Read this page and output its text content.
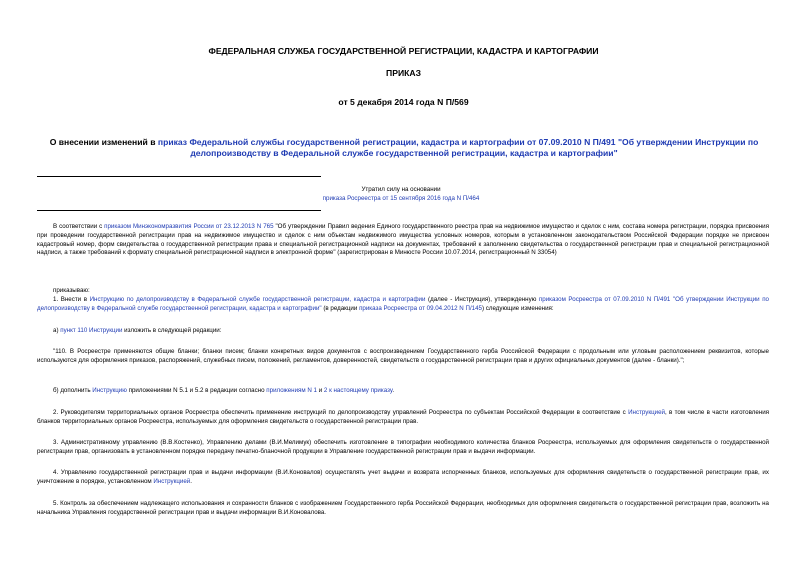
ФЕДЕРАЛЬНАЯ СЛУЖБА ГОСУДАРСТВЕННОЙ РЕГИСТРАЦИИ, КАДАСТРА И КАРТОГРАФИИ
ПРИКАЗ
от 5 декабря 2014 года N П/569
О внесении изменений в приказ Федеральной службы государственной регистрации, кадастра и картографии от 07.09.2010 N П/491 "Об утверждении Инструкции по делопроизводству в Федеральной службе государственной регистрации, кадастра и картографии"
Утратил силу на основании
приказа Росреестра от 15 сентября 2016 года N П/464
В соответствии с приказом Минэкономразвития России от 23.12.2013 N 765 "Об утверждении Правил ведения Единого государственного реестра прав на недвижимое имущество и сделок с ним, состава номера регистрации, порядка присвоения при проведении государственной регистрации прав на недвижимое имущество и сделок с ним объектам недвижимого имущества условных номеров, которым в установленном законодательством Российской Федерации порядке не присвоен кадастровый номер, форм свидетельства о государственной регистрации права и специальной регистрационной надписи на документах, требований к заполнению свидетельства о государственной регистрации прав и специальной регистрационной надписи, а также требований к формату специальной регистрационной надписи в электронной форме" (зарегистрирован в Минюсте России 10.07.2014, регистрационный N 33054)
приказываю:
1. Внести в Инструкцию по делопроизводству в Федеральной службе государственной регистрации, кадастра и картографии (далее - Инструкция), утвержденную приказом Росреестра от 07.09.2010 N П/491 "Об утверждении Инструкции по делопроизводству в Федеральной службе государственной регистрации, кадастра и картографии" (в редакции приказа Росреестра от 09.04.2012 N П/145) следующие изменения:
а) пункт 110 Инструкции изложить в следующей редакции:
"110. В Росреестре применяются общие бланки; бланки писем; бланки конкретных видов документов с воспроизведением Государственного герба Российской Федерации с продольным или угловым расположением реквизитов, которые используются для оформления приказов, распоряжений, служебных писем, положений, регламентов, доверенностей, свидетельств о государственной регистрации прав и других официальных документов (далее - бланки).";
б) дополнить Инструкцию приложениями N 5.1 и 5.2 в редакции согласно приложениям N 1 и 2 к настоящему приказу.
2. Руководителям территориальных органов Росреестра обеспечить применение инструкций по делопроизводству управлений Росреестра по субъектам Российской Федерации в соответствие с Инструкцией, в том числе в части изготовления бланков территориальных органов Росреестра, используемых для оформления свидетельств о государственной регистрации прав.
3. Административному управлению (В.В.Костенко), Управлению делами (В.И.Мелимук) обеспечить изготовление в типографии необходимого количества бланков Росреестра, используемых для оформления свидетельств о государственной регистрации прав, организовать в установленном порядке передачу печатно-бланочной продукции в Управление государственной регистрации прав и выдачи информации.
4. Управлению государственной регистрации прав и выдачи информации (В.И.Коновалов) осуществлять учет выдачи и возврата испорченных бланков, используемых для оформления свидетельств о государственной регистрации прав, их уничтожение в порядке, установленном Инструкцией.
5. Контроль за обеспечением надлежащего использования и сохранности бланков с изображением Государственного герба Российской Федерации, необходимых для оформления свидетельств о государственной регистрации прав, возложить на начальника Управления государственной регистрации прав и выдачи информации В.И.Коновалова.
